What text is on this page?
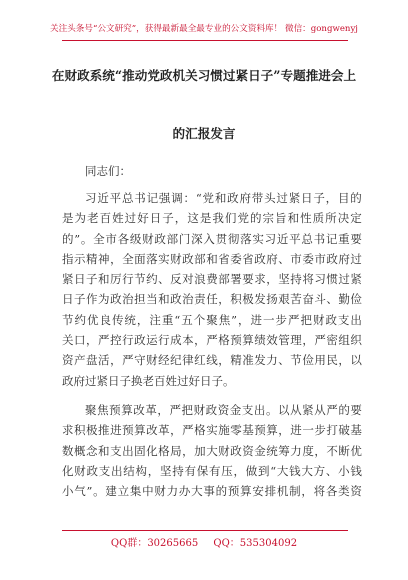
关注头条号“公文研究”，获得最新最全最专业的公文资料库！ 微信：gongwenyj
在财政系统“推动党政机关习惯过紧日子”专题推进会上
的汇报发言
同志们：
习 近 平 总 书 记 强 调 ： “ 党 和 政 府 带 头 过 紧 日 子 ， 目 的
是 为 老 百 姓 过 好 日 子 ， 这 是 我 们 党 的 宗 旨 和 性 质 所 决 定
的 ” 。 全 市 各 级 财 政 部 门 深 入 贯 彻 落 实 习 近 平 总 书 记 重 要
指 示 精 神 ， 全 面 落 实 财 政 部 和 省 委 省 政 府 、 市 委 市 政 府 过
紧 日 子 和 厉 行 节 约 、 反 对 浪 费 部 署 要 求 ， 坚 持 将 习 惯 过 紧
日 子 作 为 政 治 担 当 和 政 治 责 任 ， 积 极 发 扬 艰 苦 奋 斗 、 勤 俭
节 约 优 良 传 统 ， 注 重 “ 五 个 聚 焦 ” ， 进 一 步 严 把 财 政 支 出
关 口 ， 严 控 行 政 运 行 成 本 ， 严 格 预 算 绩 效 管 理 ， 严 密 组 织
资 产 盘 活 ， 严 守 财 经 纪 律 红 线 ， 精 准 发 力 、 节 俭 用 民 ， 以
政府过紧日子换老百姓过好日子。
聚 焦 预 算 改 革 ， 严 把 财 政 资 金 支 出 。 以 从 紧 从 严 的 要
求 积 极 推 进 预 算 改 革 ， 严 格 实 施 零 基 预 算 ， 进 一 步 打 破 基
数 概 念 和 支 出 固 化 格 局 ， 加 大 财 政 资 金 统 筹 力 度 ， 不 断 优
化 财 政 支 出 结 构 ， 坚 持 有 保 有 压 ， 做 到 “ 大 钱 大 方 、 小 钱
小 气 ” 。 建 立 集 中 财 力 办 大 事 的 预 算 安 排 机 制 ， 将 各 类 资
QQ群：30265665 QQ：535304092
